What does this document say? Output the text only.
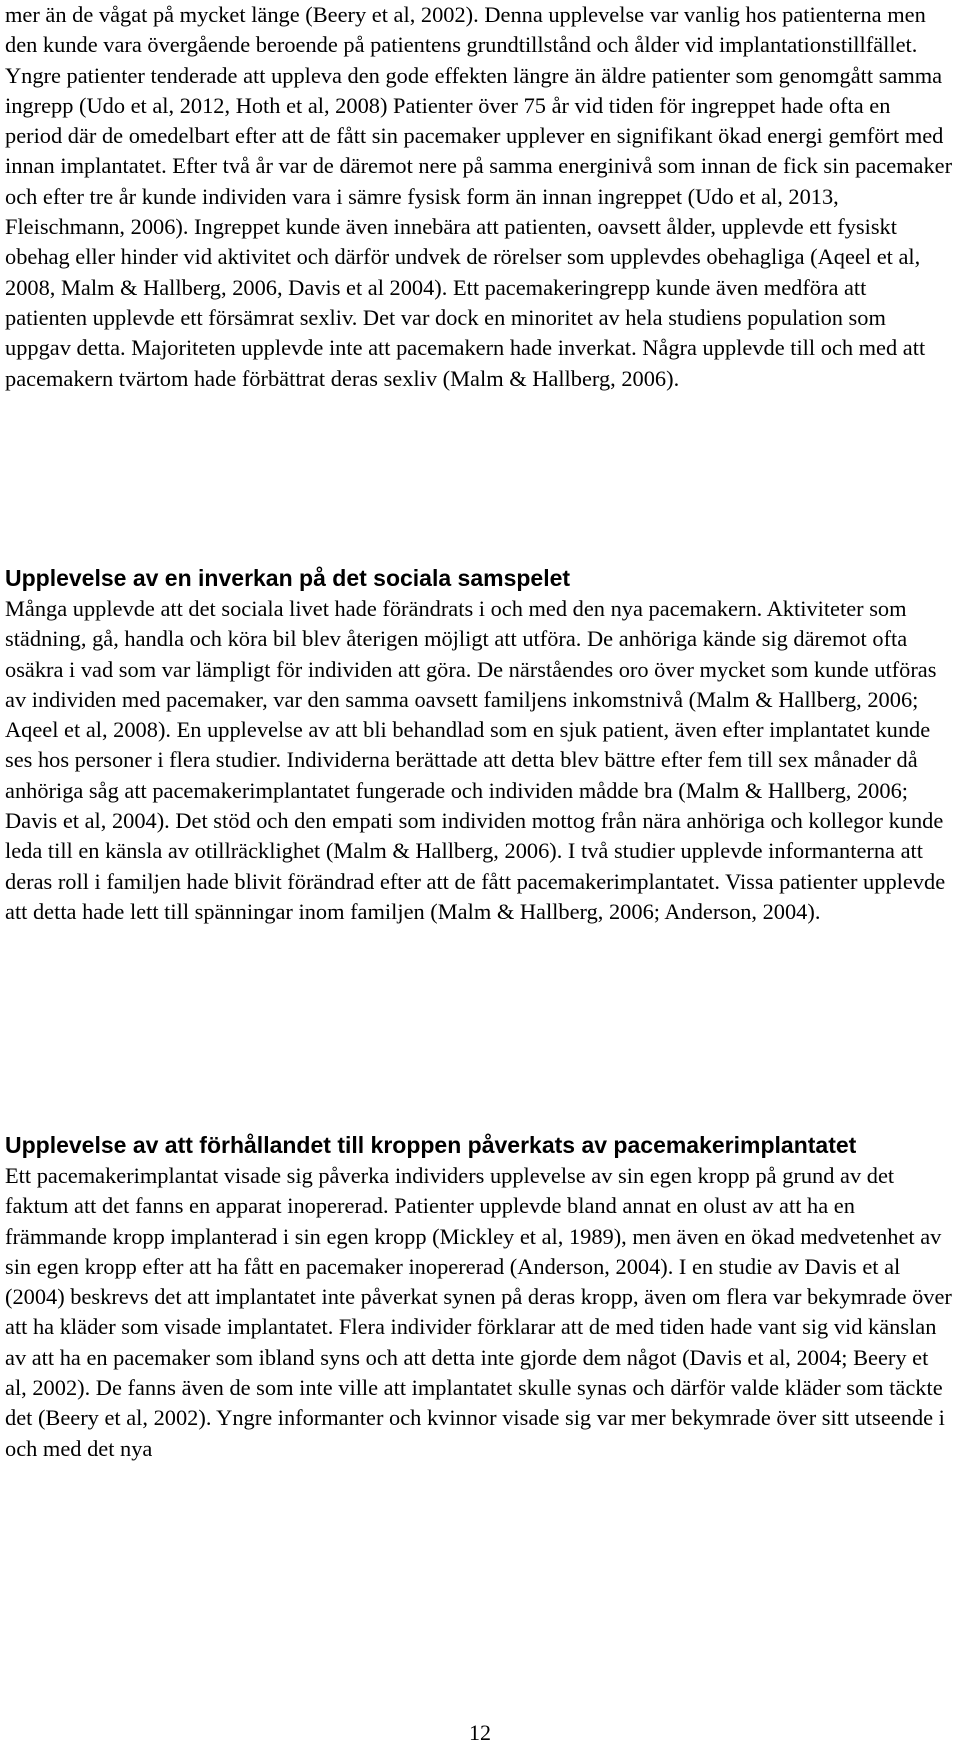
mer än de vågat på mycket länge (Beery et al, 2002). Denna upplevelse var vanlig hos patienterna men den kunde vara övergående beroende på patientens grundtillstånd och ålder vid implantationstillfället. Yngre patienter tenderade att uppleva den gode effekten längre än äldre patienter som genomgått samma ingrepp (Udo et al, 2012, Hoth et al, 2008) Patienter över 75 år vid tiden för ingreppet hade ofta en period där de omedelbart efter att de fått sin pacemaker upplever en signifikant ökad energi gemfört med innan implantatet. Efter två år var de däremot nere på samma energinivå som innan de fick sin pacemaker och efter tre år kunde individen vara i sämre fysisk form än innan ingreppet (Udo et al, 2013, Fleischmann, 2006). Ingreppet kunde även innebära att patienten, oavsett ålder, upplevde ett fysiskt obehag eller hinder vid aktivitet och därför undvek de rörelser som upplevdes obehagliga (Aqeel et al, 2008, Malm & Hallberg, 2006, Davis et al 2004). Ett pacemakeringrepp kunde även medföra att patienten upplevde ett försämrat sexliv. Det var dock en minoritet av hela studiens population som uppgav detta. Majoriteten upplevde inte att pacemakern hade inverkat. Några upplevde till och med att pacemakern tvärtom hade förbättrat deras sexliv (Malm & Hallberg, 2006).

Upplevelse av en inverkan på det sociala samspelet

Många upplevde att det sociala livet hade förändrats i och med den nya pacemakern. Aktiviteter som städning, gå, handla och köra bil blev återigen möjligt att utföra. De anhöriga kände sig däremot ofta osäkra i vad som var lämpligt för individen att göra. De närståendes oro över mycket som kunde utföras av individen med pacemaker, var den samma oavsett familjens inkomstnivå (Malm & Hallberg, 2006; Aqeel et al, 2008). En upplevelse av att bli behandlad som en sjuk patient, även efter implantatet kunde ses hos personer i flera studier. Individerna berättade att detta blev bättre efter fem till sex månader då anhöriga såg att pacemakerimplantatet fungerade och individen mådde bra (Malm & Hallberg, 2006; Davis et al, 2004). Det stöd och den empati som individen mottog från nära anhöriga och kollegor kunde leda till en känsla av otillräcklighet (Malm & Hallberg, 2006). I två studier upplevde informanterna att deras roll i familjen hade blivit förändrad efter att de fått pacemakerimplantatet. Vissa patienter upplevde att detta hade lett till spänningar inom familjen (Malm & Hallberg, 2006; Anderson, 2004).

Upplevelse av att förhållandet till kroppen påverkats av pacemakerimplantatet

Ett pacemakerimplantat visade sig påverka individers upplevelse av sin egen kropp på grund av det faktum att det fanns en apparat inopererad. Patienter upplevde bland annat en olust av att ha en främmande kropp implanterad i sin egen kropp (Mickley et al, 1989), men även en ökad medvetenhet av sin egen kropp efter att ha fått en pacemaker inopererad (Anderson, 2004). I en studie av Davis et al (2004) beskrevs det att implantatet inte påverkat synen på deras kropp, även om flera var bekymrade över att ha kläder som visade implantatet. Flera individer förklarar att de med tiden hade vant sig vid känslan av att ha en pacemaker som ibland syns och att detta inte gjorde dem något (Davis et al, 2004; Beery et al, 2002). De fanns även de som inte ville att implantatet skulle synas och därför valde kläder som täckte det (Beery et al, 2002). Yngre informanter och kvinnor visade sig var mer bekymrade över sitt utseende i och med det nya

12
